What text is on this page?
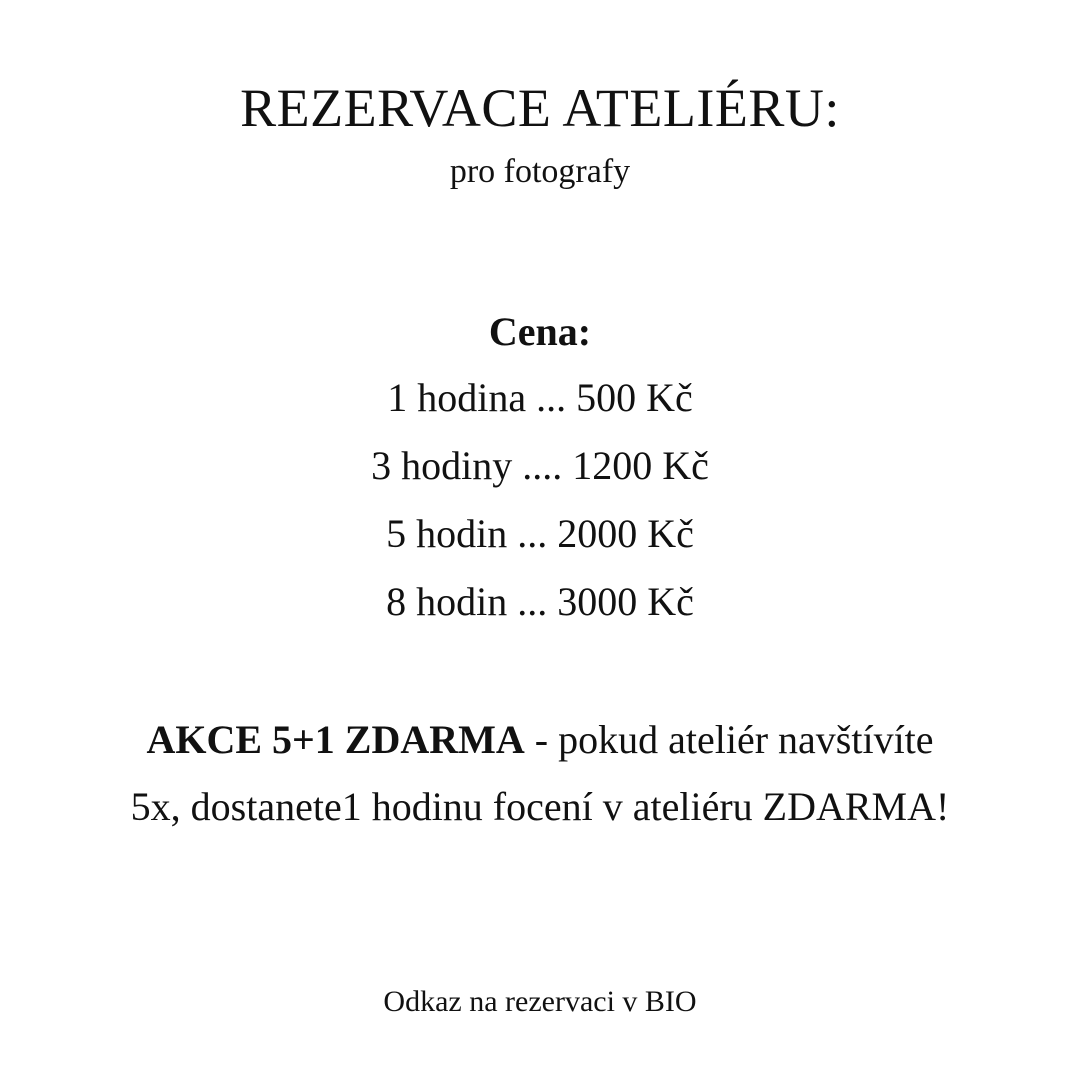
REZERVACE ATELIÉRU:
pro fotografy
Cena:
1 hodina ... 500 Kč
3 hodiny .... 1200 Kč
5 hodin ... 2000 Kč
8 hodin ... 3000 Kč
AKCE 5+1 ZDARMA - pokud ateliér navštívíte 5x, dostanete1 hodinu focení v ateliéru ZDARMA!
Odkaz na rezervaci v BIO
